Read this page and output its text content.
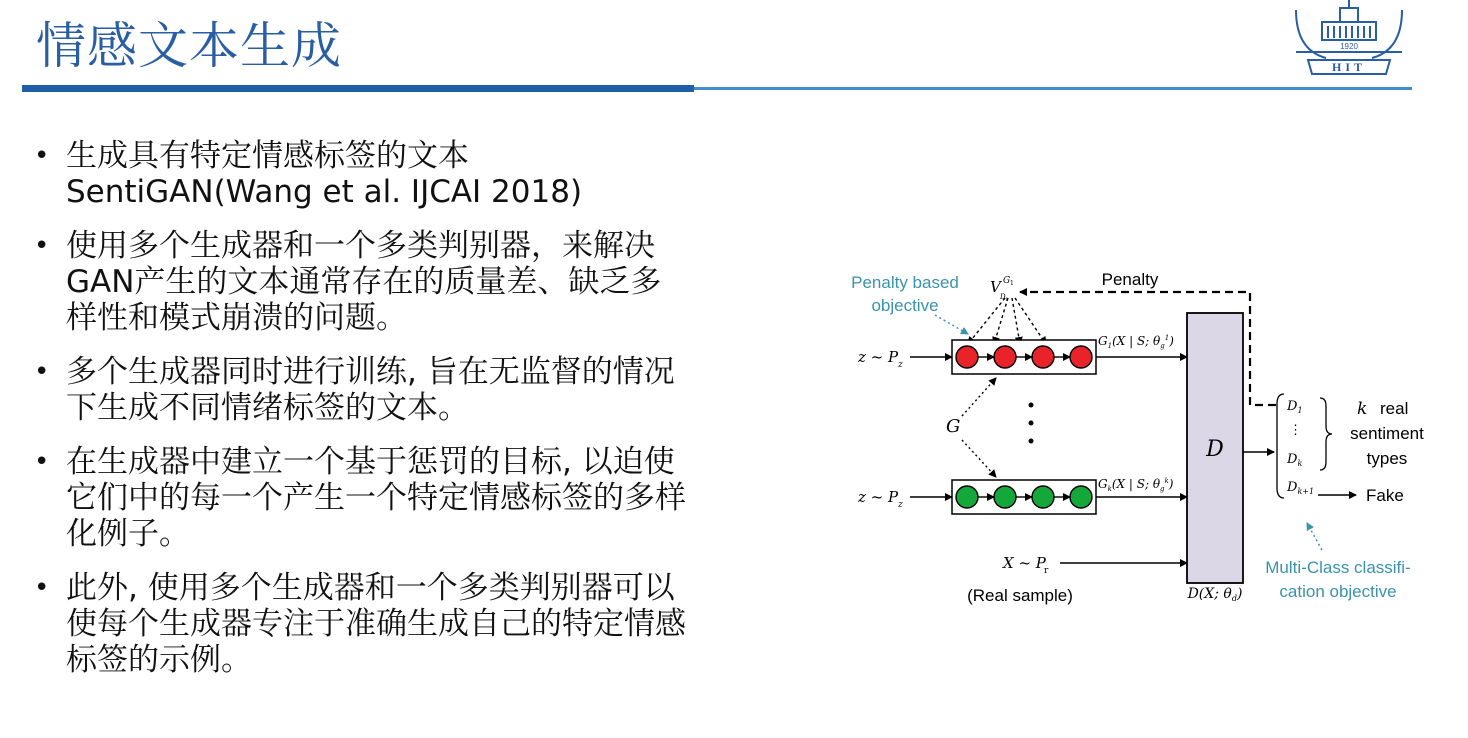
情感文本生成	1920
HIT
• 生成具有特定情感标签的文本
SentiGAN(Wang et al. IJCAI 2018)
• 使用多个生成器和一个多类判别器，来解决
GAN产生的文本通常存在的质量差、缺乏多
样性和模式崩溃的问题。
• 多个生成器同时进行训练, 旨在无监督的情况
下生成不同情绪标签的文本。
• 在生成器中建立一个基于惩罚的目标, 以迫使
它们中的每一个产生一个特定情感标签的多样
化例子。
• 此外, 使用多个生成器和一个多类判别器可以
使每个生成器专注于准确生成自己的特定情感
标签的示例。
Penalty based
objective
V G 1
D 1
Penalty
z ~ P z
$G_1(X$ | S; $\theta_g^1$)
G
z ~ P z
$G_k(X$ | S; $\theta_g^k$)
X ~ P
r
(Real sample)
D
D(X; $\theta_d$)
$D_1$
⋮
$D_k$
$D_{k+1}$
k real
sentiment
types
Fake
Multi-Class classifi-
cation objective
